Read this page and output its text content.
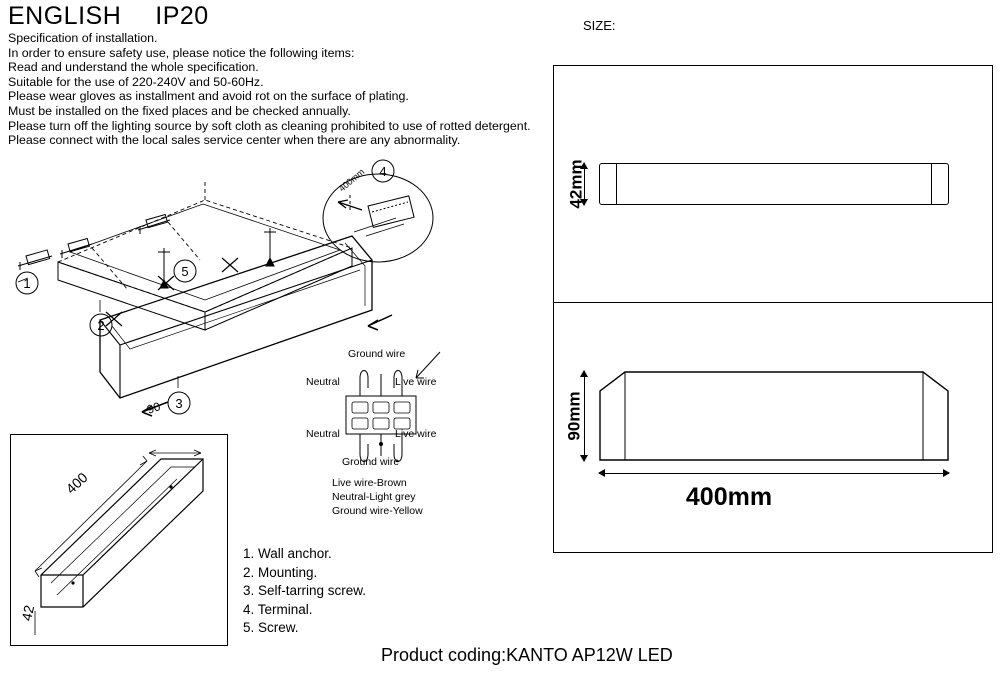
ENGLISH IP20
Specification of installation.
In order to ensure safety use, please notice the following items:
Read and understand the whole specification.
Suitable for the use of 220-240V and 50-60Hz.
Please wear gloves as installment and avoid rot on the surface of plating.
Must be installed on the fixed places and be checked annually.
Please turn off the lighting source by soft cloth as cleaning prohibited to use of rotted detergent.
Please connect with the local sales service center when there are any abnormality.
SIZE:
42mm
90mm
400mm
400mm
1
2
3
4
5
90
400
42
Ground wire
Neutral	Live wire
Neutral	Live wire
Ground wire
Live wire-Brown
Neutral-Light grey
Ground wire-Yellow
1. Wall anchor.
2. Mounting.
3. Self-tarring screw.
4. Terminal.
5. Screw.
Product coding:KANTO AP12W LED
